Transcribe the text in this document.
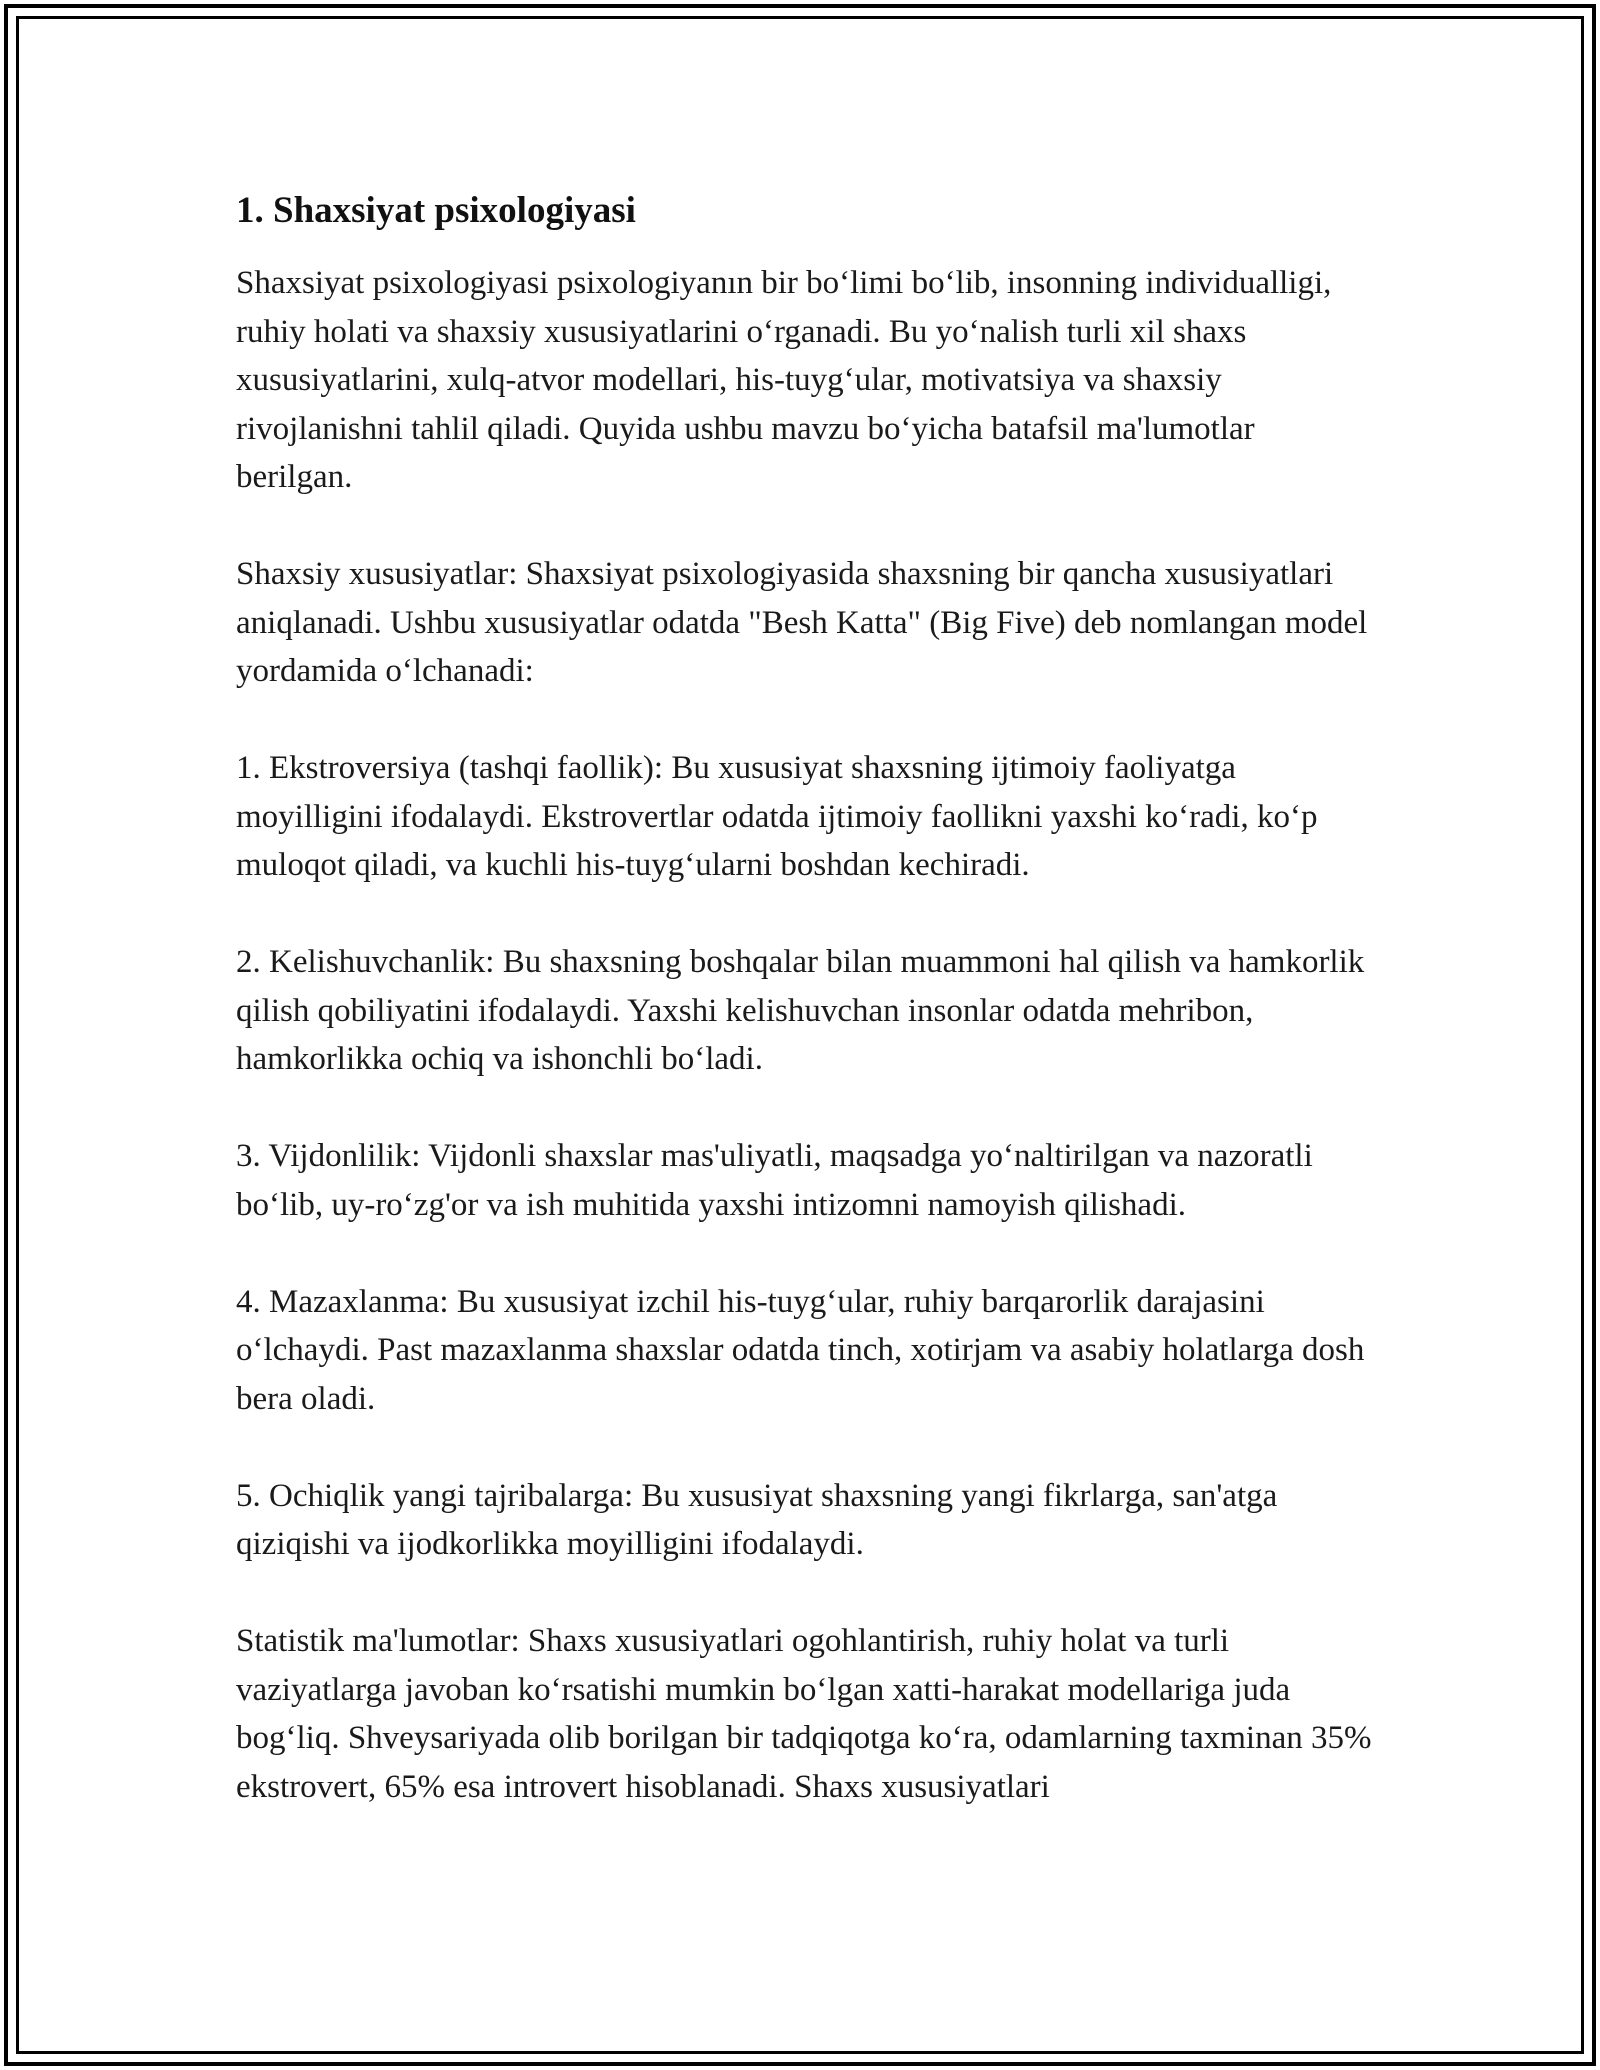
1. Shaxsiyat psixologiyasi

Shaxsiyat psixologiyasi psixologiyanın bir bo‘limi bo‘lib, insonning individualligi, ruhiy holati va shaxsiy xususiyatlarini o‘rganadi. Bu yo‘nalish turli xil shaxs xususiyatlarini, xulq-atvor modellari, his-tuyg‘ular, motivatsiya va shaxsiy rivojlanishni tahlil qiladi. Quyida ushbu mavzu bo‘yicha batafsil ma'lumotlar berilgan.

Shaxsiy xususiyatlar: Shaxsiyat psixologiyasida shaxsning bir qancha xususiyatlari aniqlanadi. Ushbu xususiyatlar odatda "Besh Katta" (Big Five) deb nomlangan model yordamida o‘lchanadi:

1. Ekstroversiya (tashqi faollik): Bu xususiyat shaxsning ijtimoiy faoliyatga moyilligini ifodalaydi. Ekstrovertlar odatda ijtimoiy faollikni yaxshi ko‘radi, ko‘p muloqot qiladi, va kuchli his-tuyg‘ularni boshdan kechiradi.

2. Kelishuvchanlik: Bu shaxsning boshqalar bilan muammoni hal qilish va hamkorlik qilish qobiliyatini ifodalaydi. Yaxshi kelishuvchan insonlar odatda mehribon, hamkorlikka ochiq va ishonchli bo‘ladi.

3. Vijdonlilik: Vijdonli shaxslar mas'uliyatli, maqsadga yo‘naltirilgan va nazoratli bo‘lib, uy-ro‘zg'or va ish muhitida yaxshi intizomni namoyish qilishadi.

4. Mazaxlanma: Bu xususiyat izchil his-tuyg‘ular, ruhiy barqarorlik darajasini o‘lchaydi. Past mazaxlanma shaxslar odatda tinch, xotirjam va asabiy holatlarga dosh bera oladi.

5. Ochiqlik yangi tajribalarga: Bu xususiyat shaxsning yangi fikrlarga, san'atga qiziqishi va ijodkorlikka moyilligini ifodalaydi.

Statistik ma'lumotlar: Shaxs xususiyatlari ogohlantirish, ruhiy holat va turli vaziyatlarga javoban ko‘rsatishi mumkin bo‘lgan xatti-harakat modellariga juda bog‘liq. Shveysariyada olib borilgan bir tadqiqotga ko‘ra, odamlarning taxminan 35% ekstrovert, 65% esa introvert hisoblanadi. Shaxs xususiyatlari
